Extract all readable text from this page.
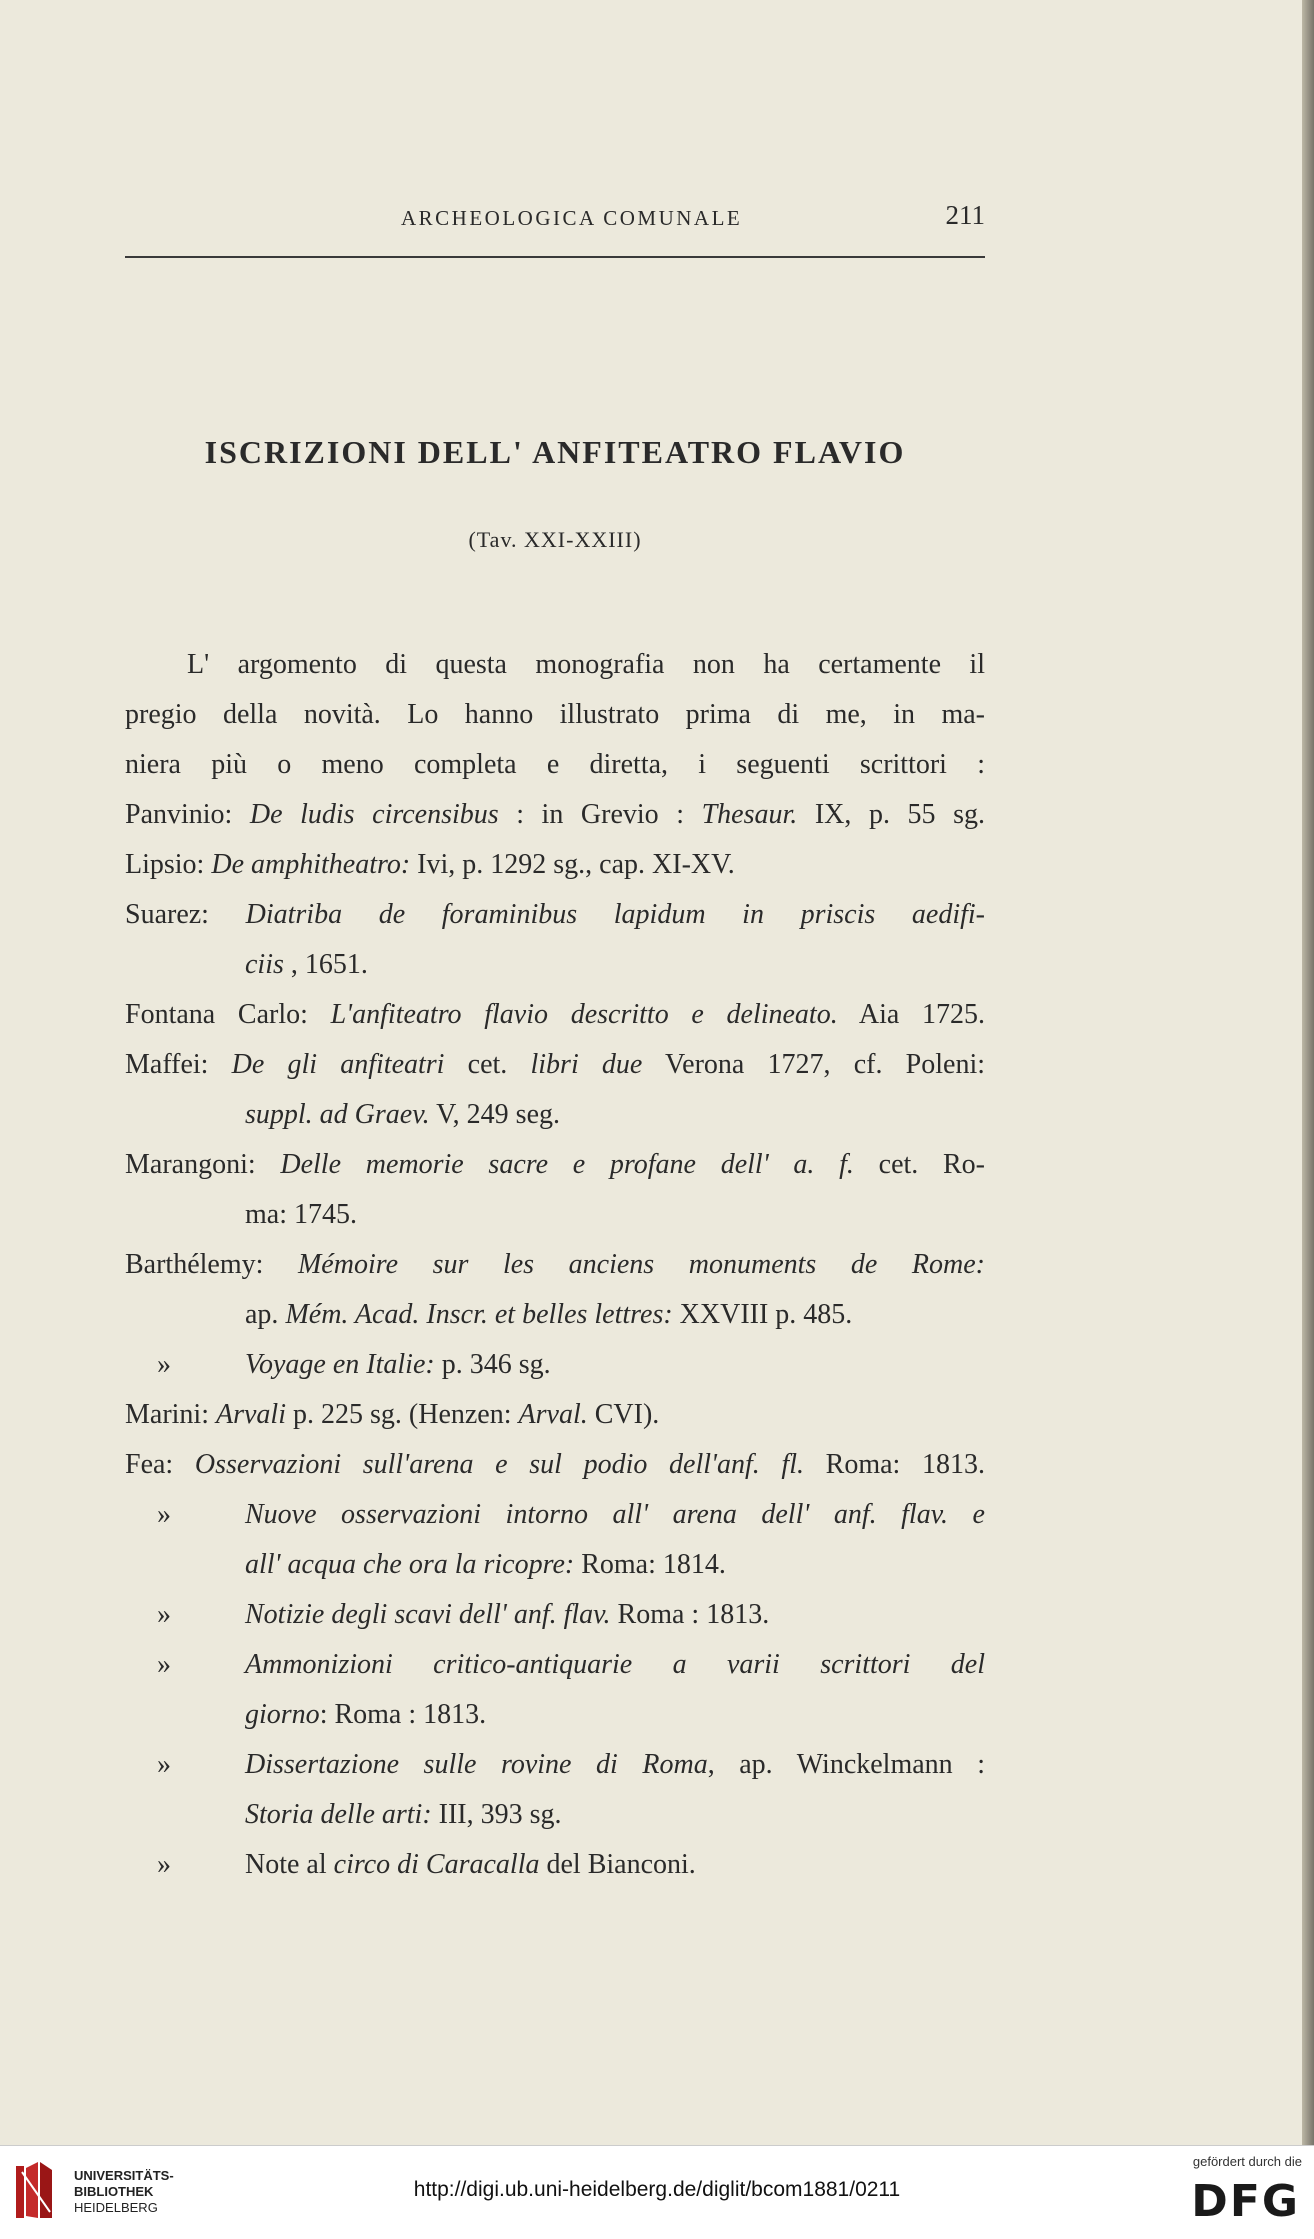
ARCHEOLOGICA COMUNALE	211
ISCRIZIONI DELL' ANFITEATRO FLAVIO
(Tav. XXI-XXIII)
L' argomento di questa monografia non ha certamente il
pregio della novità. Lo hanno illustrato prima di me, in ma-
niera più o meno completa e diretta, i seguenti scrittori :
Panvinio: De ludis circensibus : in Grevio : Thesaur. IX, p. 55 sg.
Lipsio: De amphitheatro: Ivi, p. 1292 sg., cap. XI-XV.
Suarez: Diatriba de foraminibus lapidum in priscis aedifi-
ciis , 1651.
Fontana Carlo: L'anfiteatro flavio descritto e delineato. Aia 1725.
Maffei: De gli anfiteatri cet. libri due Verona 1727, cf. Poleni:
suppl. ad Graev. V, 249 seg.
Marangoni: Delle memorie sacre e profane dell' a. f. cet. Ro-
ma: 1745.
Barthélemy: Mémoire sur les anciens monuments de Rome:
ap. Mém. Acad. Inscr. et belles lettres: XXVIII p. 485.
»	Voyage en Italie: p. 346 sg.
Marini: Arvali p. 225 sg. (Henzen: Arval. CVI).
Fea: Osservazioni sull'arena e sul podio dell'anf. fl. Roma: 1813.
»	Nuove osservazioni intorno all' arena dell' anf. flav. e
all' acqua che ora la ricopre: Roma: 1814.
»	Notizie degli scavi dell' anf. flav. Roma : 1813.
»	Ammonizioni critico-antiquarie a varii scrittori del
giorno: Roma : 1813.
»	Dissertazione sulle rovine di Roma, ap. Winckelmann :
Storia delle arti: III, 393 sg.
»	Note al circo di Caracalla del Bianconi.
UNIVERSITÄTS-
BIBLIOTHEK
HEIDELBERG
http://digi.ub.uni-heidelberg.de/diglit/bcom1881/0211
gefördert durch die
DFG
